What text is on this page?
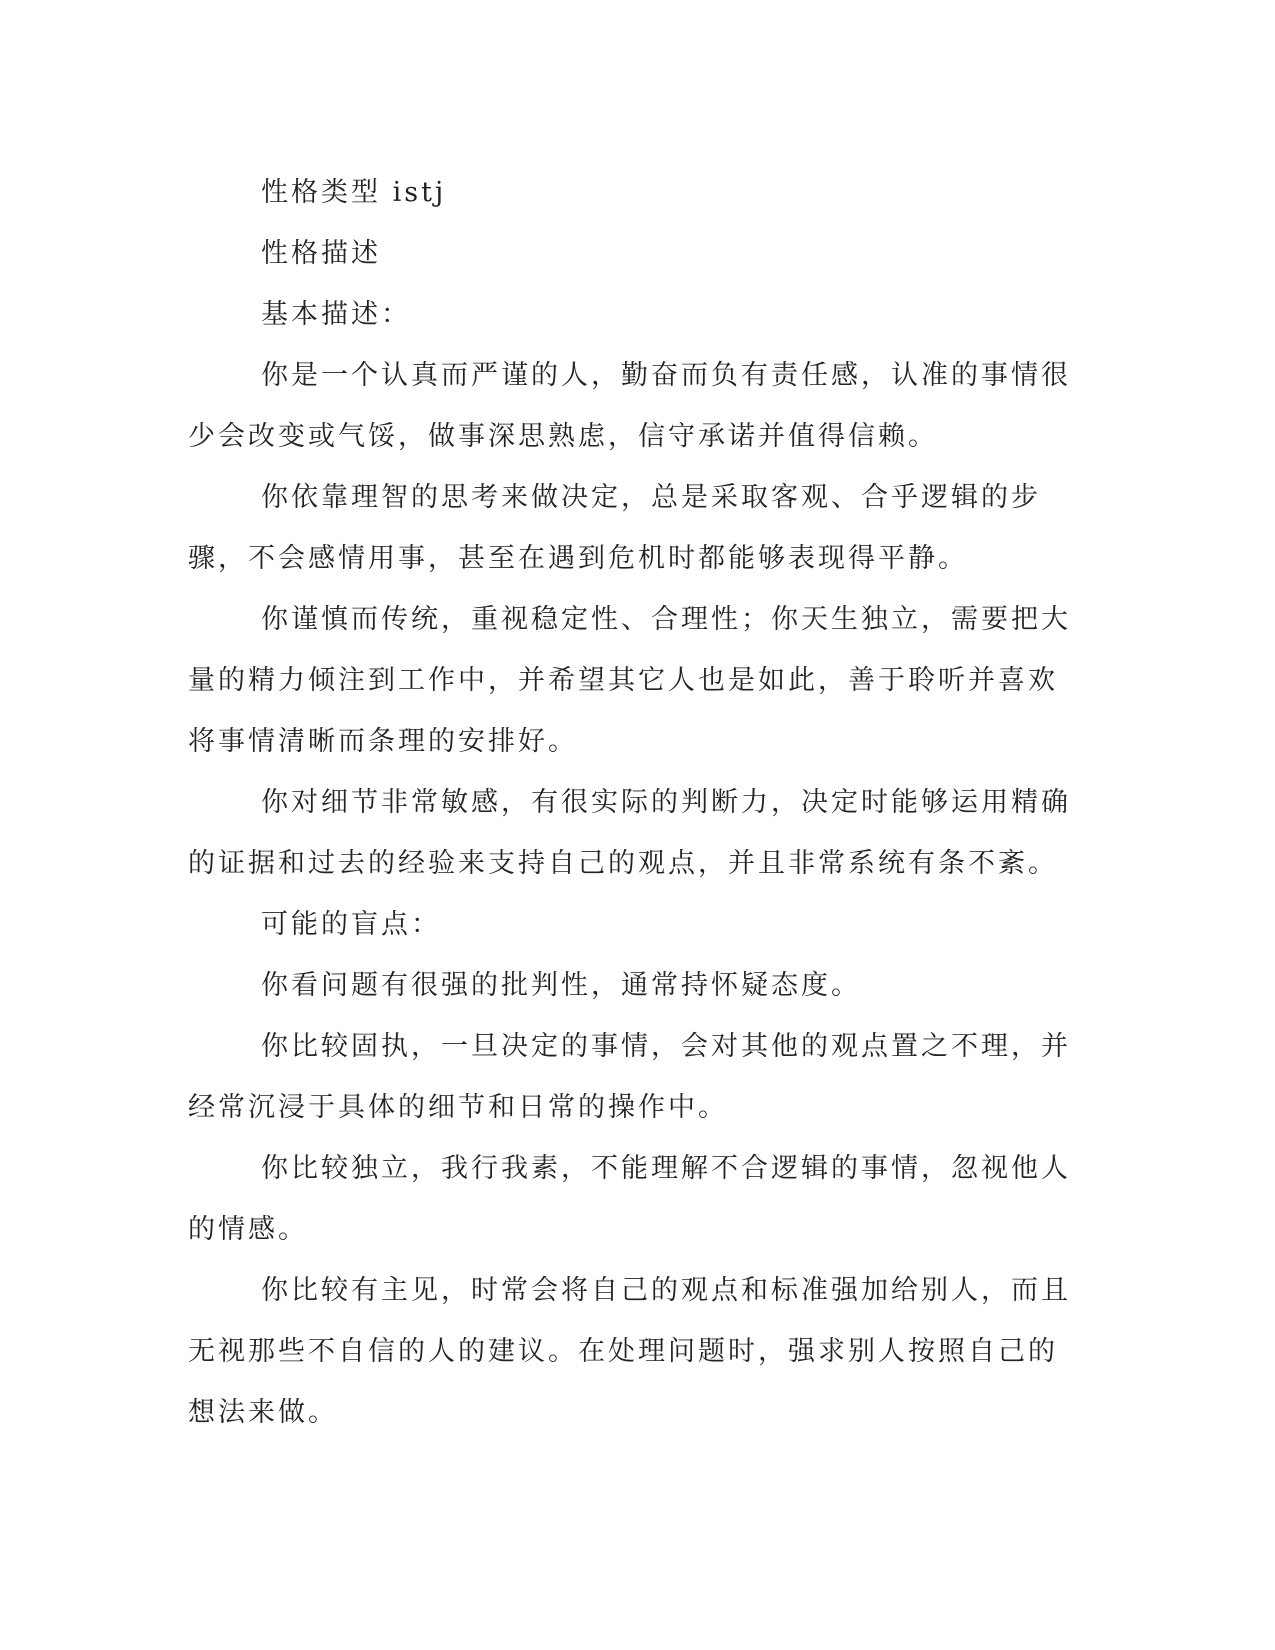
性格类型 istj

性格描述

基本描述：

你是一个认真而严谨的人，勤奋而负有责任感，认准的事情很少会改变或气馁，做事深思熟虑，信守承诺并值得信赖。

你依靠理智的思考来做决定，总是采取客观、合乎逻辑的步骤，不会感情用事，甚至在遇到危机时都能够表现得平静。

你谨慎而传统，重视稳定性、合理性；你天生独立，需要把大量的精力倾注到工作中，并希望其它人也是如此，善于聆听并喜欢将事情清晰而条理的安排好。

你对细节非常敏感，有很实际的判断力，决定时能够运用精确的证据和过去的经验来支持自己的观点，并且非常系统有条不紊。

可能的盲点：

你看问题有很强的批判性，通常持怀疑态度。

你比较固执，一旦决定的事情，会对其他的观点置之不理，并经常沉浸于具体的细节和日常的操作中。

你比较独立，我行我素，不能理解不合逻辑的事情，忽视他人的情感。

你比较有主见，时常会将自己的观点和标准强加给别人，而且无视那些不自信的人的建议。在处理问题时，强求别人按照自己的想法来做。
